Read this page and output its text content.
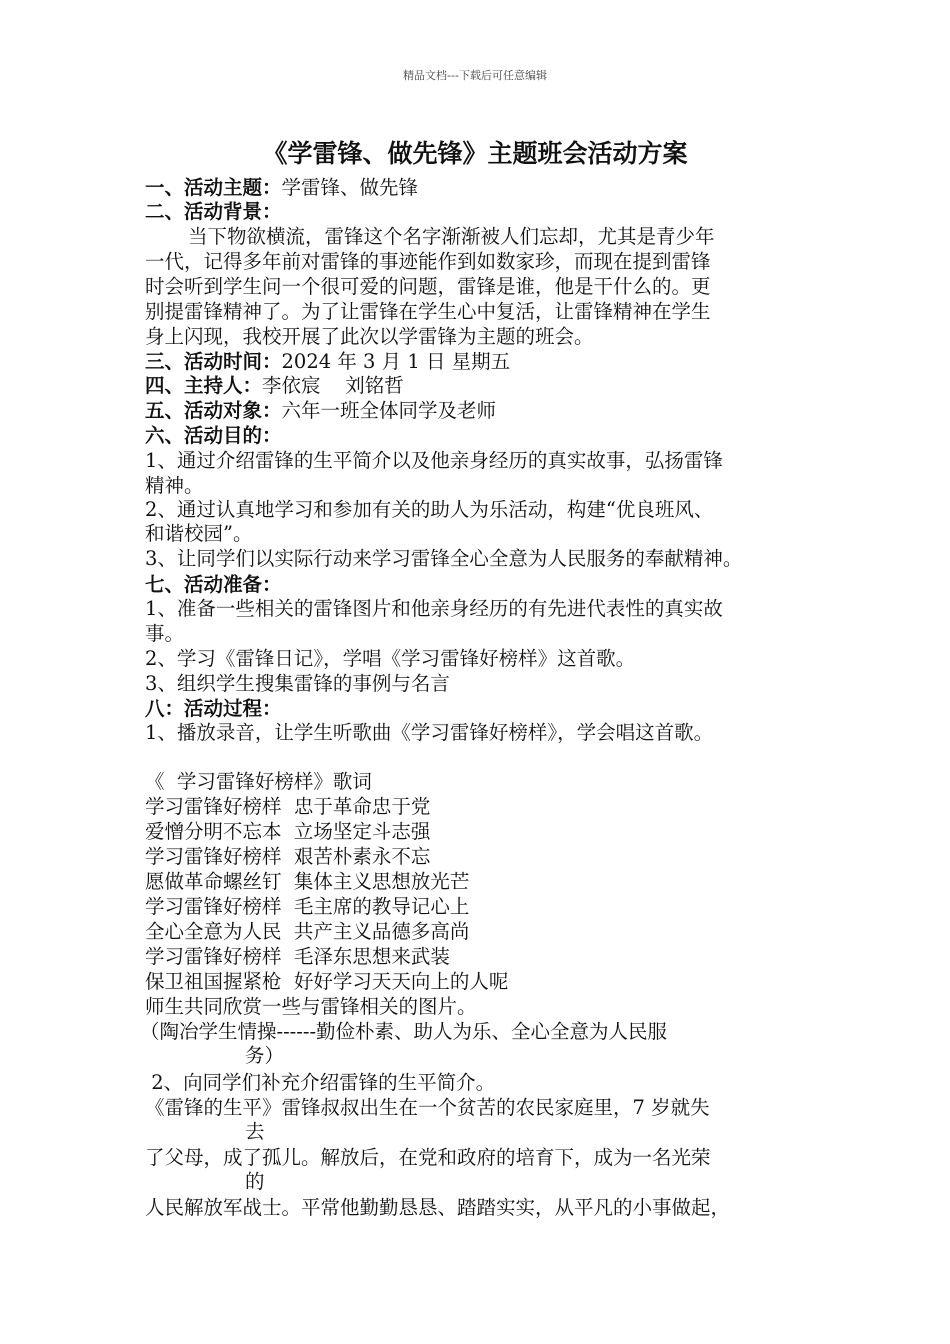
精品文档---下载后可任意编辑
《学雷锋、做先锋》主题班会活动方案
一、活动主题：学雷锋、做先锋
二、活动背景：
当下物欲横流，雷锋这个名字渐渐被人们忘却，尤其是青少年
一代，记得多年前对雷锋的事迹能作到如数家珍，而现在提到雷锋
时会听到学生问一个很可爱的问题，雷锋是谁，他是干什么的。更
别提雷锋精神了。为了让雷锋在学生心中复活，让雷锋精神在学生
身上闪现，我校开展了此次以学雷锋为主题的班会。
三、活动时间：2024 年 3 月 1 日 星期五
四、主持人：李依宸    刘铭哲
五、活动对象：六年一班全体同学及老师
六、活动目的：
1、通过介绍雷锋的生平简介以及他亲身经历的真实故事，弘扬雷锋
精神。
2、通过认真地学习和参加有关的助人为乐活动，构建“优良班风、
和谐校园”。
3、让同学们以实际行动来学习雷锋全心全意为人民服务的奉献精神。
七、活动准备：
1、准备一些相关的雷锋图片和他亲身经历的有先进代表性的真实故
事。
2、学习《雷锋日记》，学唱《学习雷锋好榜样》这首歌。
3、组织学生搜集雷锋的事例与名言
八：活动过程：
1、播放录音，让学生听歌曲《学习雷锋好榜样》，学会唱这首歌。
《  学习雷锋好榜样》歌词
学习雷锋好榜样  忠于革命忠于党
爱憎分明不忘本  立场坚定斗志强
学习雷锋好榜样  艰苦朴素永不忘
愿做革命螺丝钉  集体主义思想放光芒
学习雷锋好榜样  毛主席的教导记心上
全心全意为人民  共产主义品德多高尚
学习雷锋好榜样  毛泽东思想来武装
保卫祖国握紧枪  好好学习天天向上的人呢
师生共同欣赏一些与雷锋相关的图片。
（陶冶学生情操------勤俭朴素、助人为乐、全心全意为人民服
务）
2、向同学们补充介绍雷锋的生平简介。
《雷锋的生平》雷锋叔叔出生在一个贫苦的农民家庭里，7 岁就失
去
了父母，成了孤儿。解放后，在党和政府的培育下，成为一名光荣
的
人民解放军战士。平常他勤勤恳恳、踏踏实实，从平凡的小事做起，
